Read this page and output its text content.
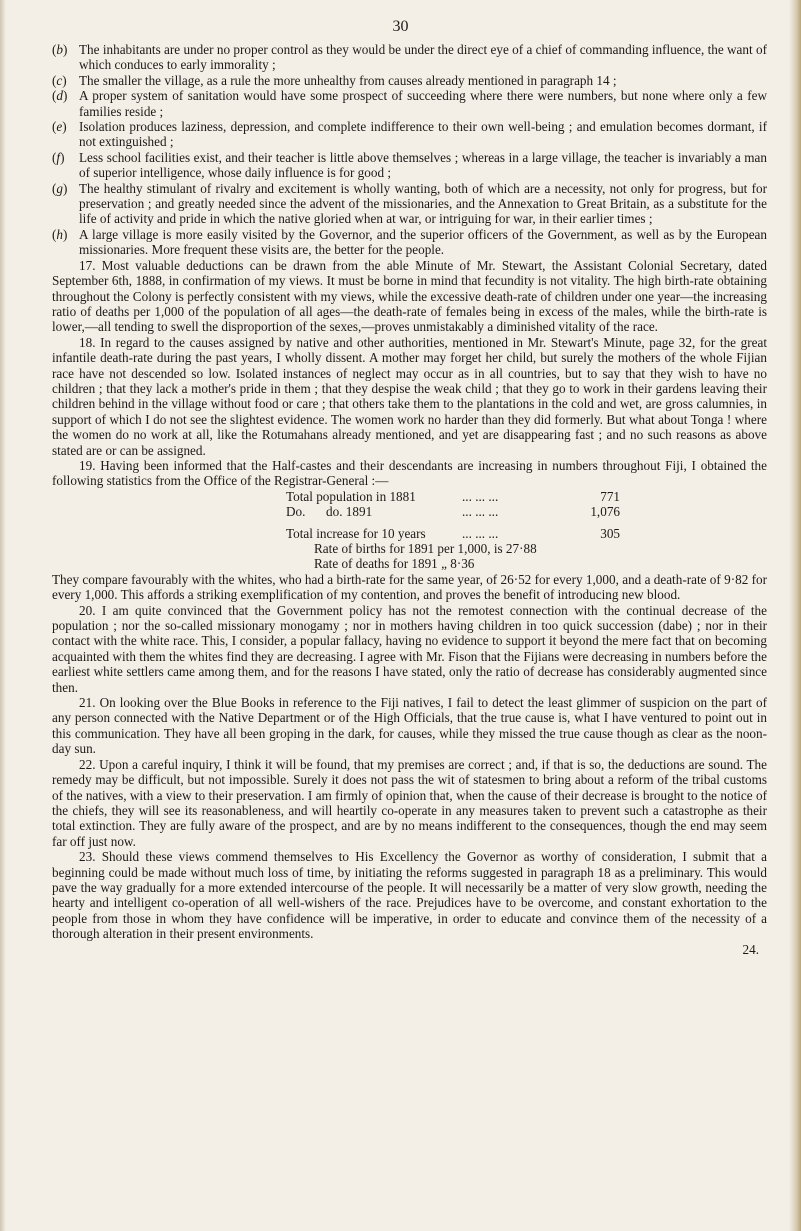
30

(b) The inhabitants are under no proper control as they would be under the direct eye of a chief of commanding influence, the want of which conduces to early immorality ;

(c) The smaller the village, as a rule the more unhealthy from causes already mentioned in paragraph 14 ;

(d) A proper system of sanitation would have some prospect of succeeding where there were numbers, but none where only a few families reside ;

(e) Isolation produces laziness, depression, and complete indifference to their own well-being ; and emulation becomes dormant, if not extinguished ;

(f) Less school facilities exist, and their teacher is little above themselves ; whereas in a large village, the teacher is invariably a man of superior intelligence, whose daily influence is for good ;

(g) The healthy stimulant of rivalry and excitement is wholly wanting, both of which are a necessity, not only for progress, but for preservation ; and greatly needed since the advent of the missionaries, and the Annexation to Great Britain, as a substitute for the life of activity and pride in which the native gloried when at war, or intriguing for war, in their earlier times ;

(h) A large village is more easily visited by the Governor, and the superior officers of the Government, as well as by the European missionaries. More frequent these visits are, the better for the people.

17. Most valuable deductions can be drawn from the able Minute of Mr. Stewart, the Assistant Colonial Secretary, dated September 6th, 1888, in confirmation of my views. It must be borne in mind that fecundity is not vitality. The high birth-rate obtaining throughout the Colony is perfectly consistent with my views, while the excessive death-rate of children under one year—the increasing ratio of deaths per 1,000 of the population of all ages—the death-rate of females being in excess of the males, while the birth-rate is lower,—all tending to swell the disproportion of the sexes,—proves unmistakably a diminished vitality of the race.

18. In regard to the causes assigned by native and other authorities, mentioned in Mr. Stewart's Minute, page 32, for the great infantile death-rate during the past years, I wholly dissent. A mother may forget her child, but surely the mothers of the whole Fijian race have not descended so low. Isolated instances of neglect may occur as in all countries, but to say that they wish to have no children ; that they lack a mother's pride in them ; that they despise the weak child ; that they go to work in their gardens leaving their children behind in the village without food or care ; that others take them to the plantations in the cold and wet, are gross calumnies, in support of which I do not see the slightest evidence. The women work no harder than they did formerly. But what about Tonga ! where the women do no work at all, like the Rotumahans already mentioned, and yet are disappearing fast ; and no such reasons as above stated are or can be assigned.

19. Having been informed that the Half-castes and their descendants are increasing in numbers throughout Fiji, I obtained the following statistics from the Office of the Registrar-General :—

Total population in 1881	... ... ...	771
Do.	do. 1891	... ... ...	1,076
Total increase for 10 years	... ... ...	305

Rate of births for 1891 per 1,000, is 27·88

Rate of deaths for 1891 „ 8·36

They compare favourably with the whites, who had a birth-rate for the same year, of 26·52 for every 1,000, and a death-rate of 9·82 for every 1,000. This affords a striking exemplification of my contention, and proves the benefit of introducing new blood.

20. I am quite convinced that the Government policy has not the remotest connection with the continual decrease of the population ; nor the so-called missionary monogamy ; nor in mothers having children in too quick succession (dabe) ; nor in their contact with the white race. This, I consider, a popular fallacy, having no evidence to support it beyond the mere fact that on becoming acquainted with them the whites find they are decreasing. I agree with Mr. Fison that the Fijians were decreasing in numbers before the earliest white settlers came among them, and for the reasons I have stated, only the ratio of decrease has considerably augmented since then.

21. On looking over the Blue Books in reference to the Fiji natives, I fail to detect the least glimmer of suspicion on the part of any person connected with the Native Department or of the High Officials, that the true cause is, what I have ventured to point out in this communication. They have all been groping in the dark, for causes, while they missed the true cause though as clear as the noon-day sun.

22. Upon a careful inquiry, I think it will be found, that my premises are correct ; and, if that is so, the deductions are sound. The remedy may be difficult, but not impossible. Surely it does not pass the wit of statesmen to bring about a reform of the tribal customs of the natives, with a view to their preservation. I am firmly of opinion that, when the cause of their decrease is brought to the notice of the chiefs, they will see its reasonableness, and will heartily co-operate in any measures taken to prevent such a catastrophe as their total extinction. They are fully aware of the prospect, and are by no means indifferent to the consequences, though the end may seem far off just now.

23. Should these views commend themselves to His Excellency the Governor as worthy of consideration, I submit that a beginning could be made without much loss of time, by initiating the reforms suggested in paragraph 18 as a preliminary. This would pave the way gradually for a more extended intercourse of the people. It will necessarily be a matter of very slow growth, needing the hearty and intelligent co-operation of all well-wishers of the race. Prejudices have to be overcome, and constant exhortation to the people from those in whom they have confidence will be imperative, in order to educate and convince them of the necessity of a thorough alteration in their present environments.

24.
